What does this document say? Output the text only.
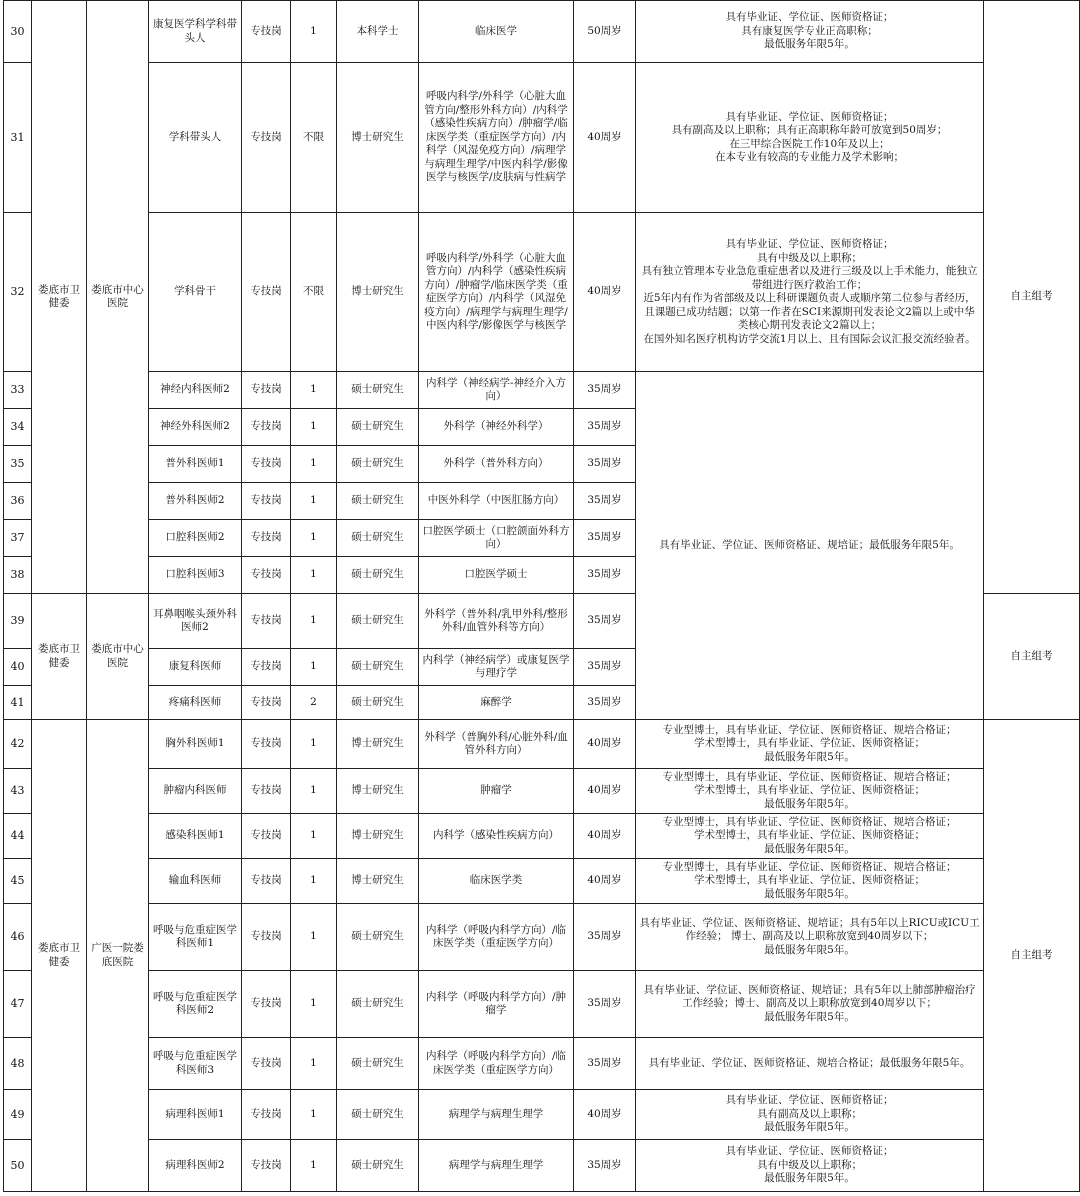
30	娄底市卫健委	娄底市中心医院	康复医学科学科带头人	专技岗	1	本科学士	临床医学	50周岁	具有毕业证、学位证、医师资格证；
具有康复医学专业正高职称；
最低服务年限5年。	自主组考
31			学科带头人	专技岗	不限	博士研究生	呼吸内科学/外科学（心脏大血管方向/整形外科方向）/内科学（感染性疾病方向）/肿瘤学/临床医学类（重症医学方向）/内科学（风湿免疫方向）/病理学与病理生理学/中医内科学/影像医学与核医学/皮肤病与性病学	40周岁	具有毕业证、学位证、医师资格证；
具有副高及以上职称；具有正高职称年龄可放宽到50周岁；
在三甲综合医院工作10年及以上；
在本专业有较高的专业能力及学术影响；	
32			学科骨干	专技岗	不限	博士研究生	呼吸内科学/外科学（心脏大血管方向）/内科学（感染性疾病方向）/肿瘤学/临床医学类（重症医学方向）/内科学（风湿免疫方向）/病理学与病理生理学/中医内科学/影像医学与核医学	40周岁	具有毕业证、学位证、医师资格证；
具有中级及以上职称；
具有独立管理本专业急危重症患者以及进行三级及以上手术能力，能独立带组进行医疗救治工作；
近5年内有作为省部级及以上科研课题负责人或顺序第二位参与者经历，且课题已成功结题；以第一作者在SCI来源期刊发表论文2篇以上或中华类核心期刊发表论文2篇以上；
在国外知名医疗机构访学交流1月以上、且有国际会议汇报交流经验者。	
33			神经内科医师2	专技岗	1	硕士研究生	内科学（神经病学-神经介入方向）	35周岁	具有毕业证、学位证、医师资格证、规培证；最低服务年限5年。	
34			神经外科医师2	专技岗	1	硕士研究生	外科学（神经外科学）	35周岁		
35			普外科医师1	专技岗	1	硕士研究生	外科学（普外科方向）	35周岁		
36			普外科医师2	专技岗	1	硕士研究生	中医外科学（中医肛肠方向）	35周岁		
37			口腔科医师2	专技岗	1	硕士研究生	口腔医学硕士（口腔颌面外科方向）	35周岁		
38			口腔科医师3	专技岗	1	硕士研究生	口腔医学硕士	35周岁		
39	娄底市卫健委	娄底市中心医院	耳鼻咽喉头颈外科医师2	专技岗	1	硕士研究生	外科学（普外科/乳甲外科/整形外科/血管外科等方向）	35周岁		自主组考
40			康复科医师	专技岗	1	硕士研究生	内科学（神经病学）或康复医学与理疗学	35周岁		
41			疼痛科医师	专技岗	2	硕士研究生	麻醉学	35周岁		
42	娄底市卫健委	广医一院娄底医院	胸外科医师1	专技岗	1	博士研究生	外科学（普胸外科/心脏外科/血管外科方向）	40周岁	专业型博士，具有毕业证、学位证、医师资格证、规培合格证；
学术型博士，具有毕业证、学位证、医师资格证；
最低服务年限5年。	自主组考
43			肿瘤内科医师	专技岗	1	博士研究生	肿瘤学	40周岁	专业型博士，具有毕业证、学位证、医师资格证、规培合格证；
学术型博士，具有毕业证、学位证、医师资格证；
最低服务年限5年。	
44			感染科医师1	专技岗	1	博士研究生	内科学（感染性疾病方向）	40周岁	专业型博士，具有毕业证、学位证、医师资格证、规培合格证；
学术型博士，具有毕业证、学位证、医师资格证；
最低服务年限5年。	
45			输血科医师	专技岗	1	博士研究生	临床医学类	40周岁	专业型博士，具有毕业证、学位证、医师资格证、规培合格证；
学术型博士，具有毕业证、学位证、医师资格证；
最低服务年限5年。	
46			呼吸与危重症医学科医师1	专技岗	1	硕士研究生	内科学（呼吸内科学方向）/临床医学类（重症医学方向）	35周岁	具有毕业证、学位证、医师资格证、规培证；具有5年以上RICU或ICU工作经验； 博士、副高及以上职称放宽到40周岁以下；
最低服务年限5年。	
47			呼吸与危重症医学科医师2	专技岗	1	硕士研究生	内科学（呼吸内科学方向）/肿瘤学	35周岁	具有毕业证、学位证、医师资格证、规培证；具有5年以上肺部肿瘤治疗工作经验；博士、副高及以上职称放宽到40周岁以下；
最低服务年限5年。	
48			呼吸与危重症医学科医师3	专技岗	1	硕士研究生	内科学（呼吸内科学方向）/临床医学类（重症医学方向）	35周岁	具有毕业证、学位证、医师资格证、规培合格证；最低服务年限5年。	
49			病理科医师1	专技岗	1	硕士研究生	病理学与病理生理学	40周岁	具有毕业证、学位证、医师资格证；
具有副高及以上职称；
最低服务年限5年。	
50			病理科医师2	专技岗	1	硕士研究生	病理学与病理生理学	35周岁	具有毕业证、学位证、医师资格证；
具有中级及以上职称；
最低服务年限5年。	
